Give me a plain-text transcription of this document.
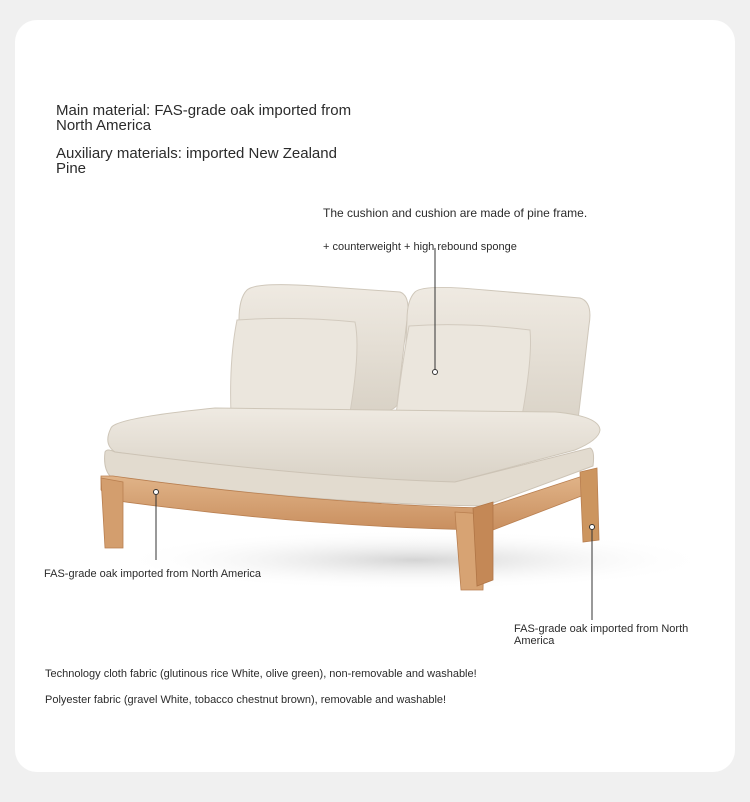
Main material: FAS-grade oak imported from North America
Auxiliary materials: imported New Zealand Pine
The cushion and cushion are made of pine frame.
+ counterweight + high rebound sponge
FAS-grade oak imported from North America
FAS-grade oak imported from North America
Technology cloth fabric (glutinous rice White, olive green), non-removable and washable!
Polyester fabric (gravel White, tobacco chestnut brown), removable and washable!
